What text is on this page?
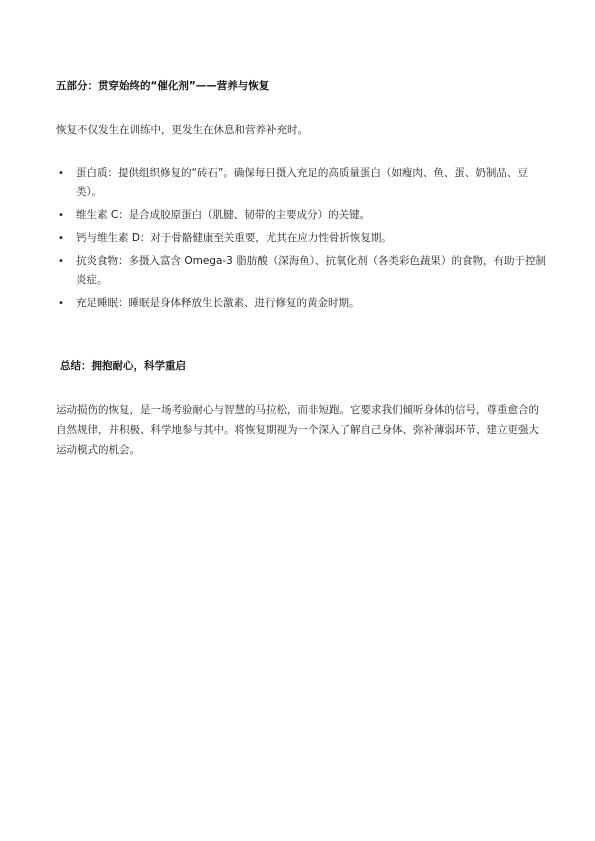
五部分：贯穿始终的“催化剂”——营养与恢复
恢复不仅发生在训练中，更发生在休息和营养补充时。
• 蛋白质：提供组织修复的“砖石”。确保每日摄入充足的高质量蛋白（如瘦肉、鱼、蛋、奶制品、豆类）。
• 维生素 C：是合成胶原蛋白（肌腱、韧带的主要成分）的关键。
• 钙与维生素 D：对于骨骼健康至关重要，尤其在应力性骨折恢复期。
• 抗炎食物：多摄入富含 Omega-3 脂肪酸（深海鱼）、抗氧化剂（各类彩色蔬果）的食物，有助于控制炎症。
• 充足睡眠：睡眠是身体释放生长激素、进行修复的黄金时期。
总结：拥抱耐心，科学重启
运动损伤的恢复，是一场考验耐心与智慧的马拉松，而非短跑。它要求我们倾听身体的信号，尊重愈合的自然规律，并积极、科学地参与其中。将恢复期视为一个深入了解自己身体、弥补薄弱环节、建立更强大运动模式的机会。
